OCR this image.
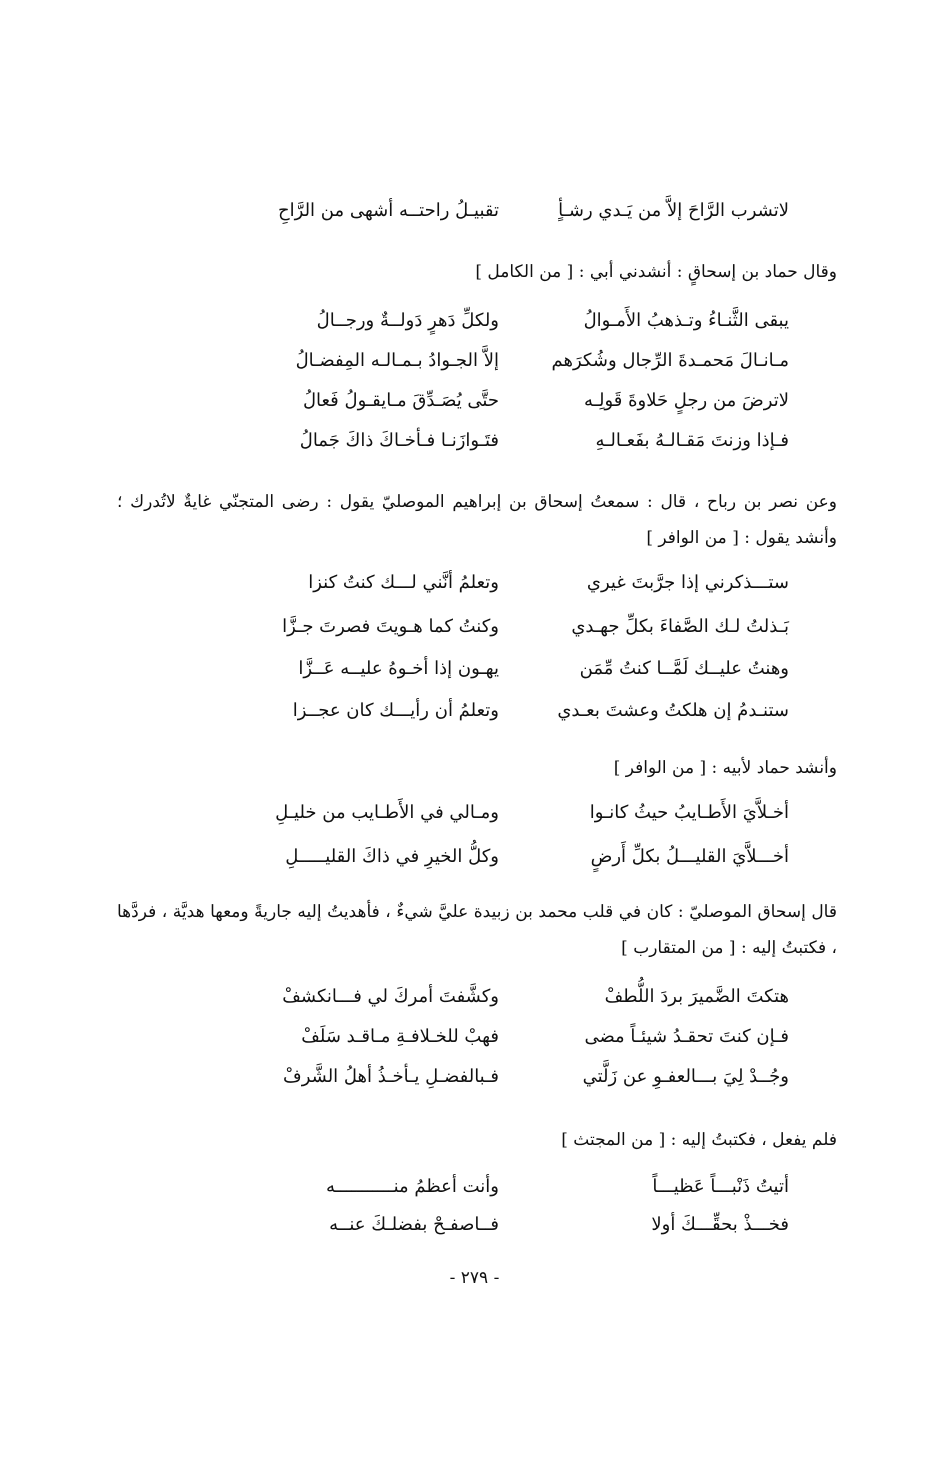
لاتشرب الرَّاحَ إلاَّ من يَـدي رشـأٍ
تقبيـلُ راحتــه أشهى من الرَّاحِ
وقال حماد بن إسحاقٍ : أنشدني أبي : [ من الكامل ]
يبقى الثَّنـاءُ وتـذهبُ الأَمـوالُ
ولكلِّ دَهرٍ دَولــةٌ ورجــالُ
مـانـالَ مَحمـدةَ الرِّجال وشُكرَهم
إلاَّ الجـوادُ بـمـالـه المِفضـالُ
لاترضَ من رجلٍ حَلاوةَ قَولِـه
حتَّى يُصَـدِّقَ مـايقـولُ فَعالُ
فـإذا وزنتَ مَقـالـهُ بفَعـالـهِ
فتَـوازَنـا فـأخـاكَ ذاكَ جَمالُ
وعن نصر بن رباح ، قال : سمعتُ إسحاق بن إبراهيم الموصليّ يقول : رضى المتجنّي غايةٌ لاتُدرك ؛ وأنشد يقول : [ من الوافر ]
ستـــذكرني إذا جرَّبتَ غيري
وتعلمُ أنَّني لـــك كنتُ كنزا
بَـذلتُ لـك الصَّفاءَ بكلِّ جهـدي
وكنتُ كما هـويتَ فصرتَ جـزَّا
وهنتُ عليــك لَمَّــا كنتُ مِّمَن
يهـون إذا أخـوهُ عليــه عَــزَّا
ستنـدمُ إن هلكتُ وعشتَ بعـدي
وتعلمُ أن رأيـــك كان عجــزا
وأنشد حماد لأبيه : [ من الوافر ]
أخـلاَّيَ الأَطـايبُ حيثُ كانـوا
ومـالي في الأَطـايب من خليـلِ
أخـــلاَّيَ القليـــلُ بكلِّ أَرضٍ
وكلُّ الخيرِ في ذاكَ القليـــــلِ
قال إسحاق الموصليّ : كان في قلب محمد بن زبيدة عليَّ شيءٌ ، فأهديتُ إليه جاريةً ومعها هديَّة ، فردَّها ، فكتبتُ إليه : [ من المتقارب ]
هتكتَ الضَّميرَ بردَ اللُّطفْ
وكشَّفتَ أمركَ لي فـــانكشفْ
فـإن كنتَ تحقـدُ شيئـاً مضى
فهبْ للخـلافـةِ مـاقـد سَلَفْ
وجُــدْ لِيَ بـــالعفـوِ عن زَلَّتي
فـبالفضـلِ يـأخـذُ أهلُ الشَّرفْ
فلم يفعل ، فكتبتُ إليه : [ من المجتث ]
أتيتُ ذَنْبـــاً عَظيـــاً
وأنت أعظمُ منـــــــــــه
فخـــذْ بحقِّـــكَ أولا
فــاصفـحْ بفضلـكَ عنــه
- ٢٧٩ -
